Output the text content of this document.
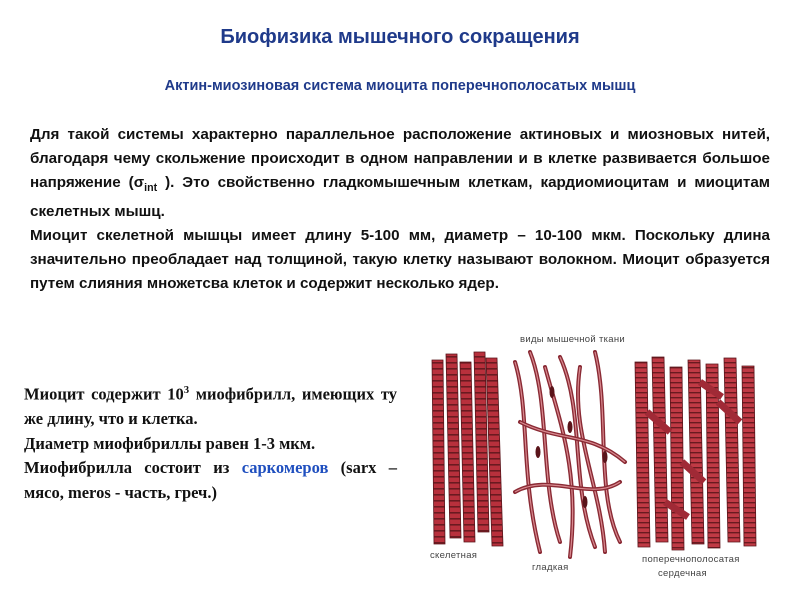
Биофизика мышечного сокращения
Актин-миозиновая система миоцита поперечнополосатых мышц

Для такой системы характерно параллельное расположение актиновых и миозновых нитей, благодаря чему скольжение происходит в одном направлении и в клетке развивается большое напряжение ($\sigma_{int}$ ). Это свойственно гладкомышечным клеткам, кардиомиоцитам и миоцитам скелетных мышц.

Миоцит скелетной мышцы имеет длину 5-100 мм, диаметр – 10-100 мкм. Поскольку длина значительно преобладает над толщиной, такую клетку называют волокном. Миоцит образуется путем слияния множетсва клеток и содержит несколько ядер.

Миоцит содержит $10^3$ миофибрилл, имеющих ту же длину, что и клетка.

Диаметр миофибриллы равен 1-3 мкм.

Миофибрилла состоит из саркомеров (sarx – мясо, meros - часть, греч.)

виды мышечной ткани
скелетная
гладкая
поперечнополосатая
сердечная
